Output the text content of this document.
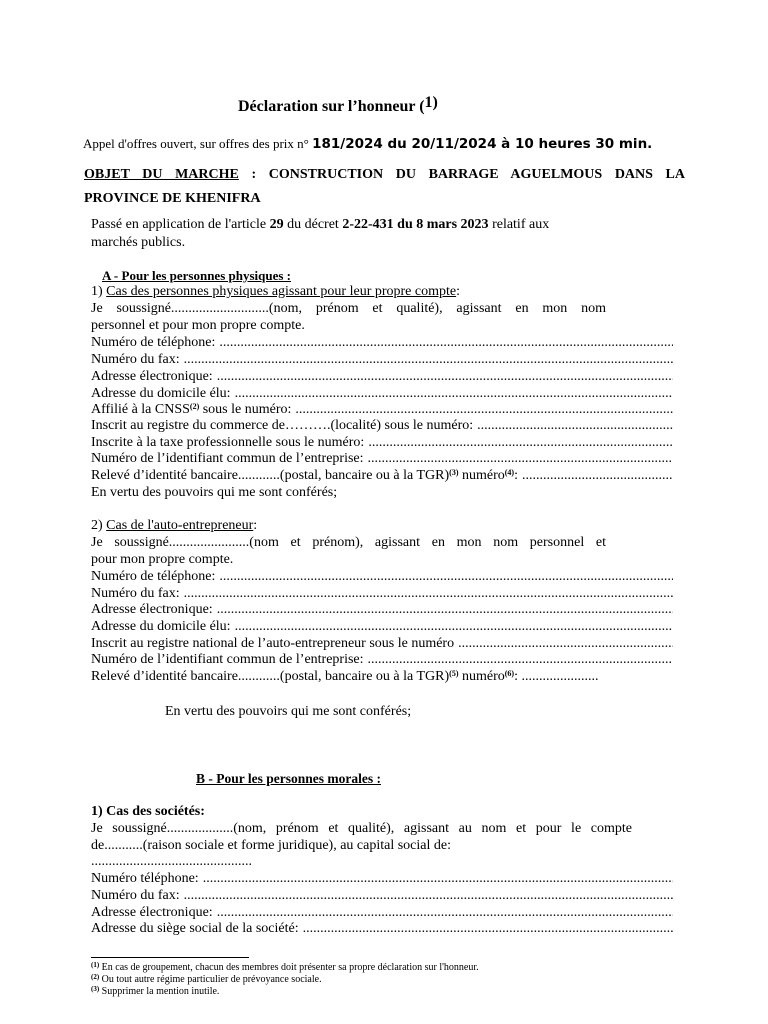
Déclaration sur l’honneur ($^{1)}$
Appel d'offres ouvert, sur offres des prix n° 181/2024 du 20/11/2024 à 10 heures 30 min.
OBJET DU MARCHE : CONSTRUCTION DU BARRAGE AGUELMOUS DANS LA
PROVINCE DE KHENIFRA
Passé en application de l'article 29 du décret 2-22-431 du 8 mars 2023 relatif aux
marchés publics.
A - Pour les personnes physiques :
1) Cas des personnes physiques agissant pour leur propre compte:
Je soussigné............................(nom, prénom et qualité), agissant en mon nom
personnel et pour mon propre compte.
Numéro de téléphone:
.....
Numéro du fax:
.....
Adresse électronique:
.....
Adresse du domicile élu:
.....
Affilié à la CNSS$^{(2)}$ sous le numéro:
.....
Inscrit au registre du commerce de……….(localité) sous le numéro:
.....
Inscrite à la taxe professionnelle sous le numéro:
.....
Numéro de l’identifiant commun de l’entreprise:
.....
Relevé d’identité bancaire............(postal, bancaire ou à la TGR)$^{(3)}$ numéro$^{(4)}$:
.....
En vertu des pouvoirs qui me sont conférés;
2) Cas de l'auto-entrepreneur:
Je soussigné.......................(nom et prénom), agissant en mon nom personnel et
pour mon propre compte.
Numéro de téléphone:
.....
Numéro du fax:
.....
Adresse électronique:
.....
Adresse du domicile élu:
.....
Inscrit au registre national de l’auto-entrepreneur sous le numéro
.....
Numéro de l’identifiant commun de l’entreprise:
.....
Relevé d’identité bancaire............(postal, bancaire ou à la TGR)$^{(5)}$ numéro$^{(6)}$: ......................
En vertu des pouvoirs qui me sont conférés;
B - Pour les personnes morales :
1) Cas des sociétés:
Je soussigné...................(nom, prénom et qualité), agissant au nom et pour le compte
de...........(raison sociale et forme juridique), au capital social de:
..............................................
Numéro téléphone:
.....
Numéro du fax:
.....
Adresse électronique:
.....
Adresse du siège social de la société:
.....
$^{(1)}$ En cas de groupement, chacun des membres doit présenter sa propre déclaration sur l'honneur.
$^{(2)}$ Ou tout autre régime particulier de prévoyance sociale.
$^{(3)}$ Supprimer la mention inutile.
